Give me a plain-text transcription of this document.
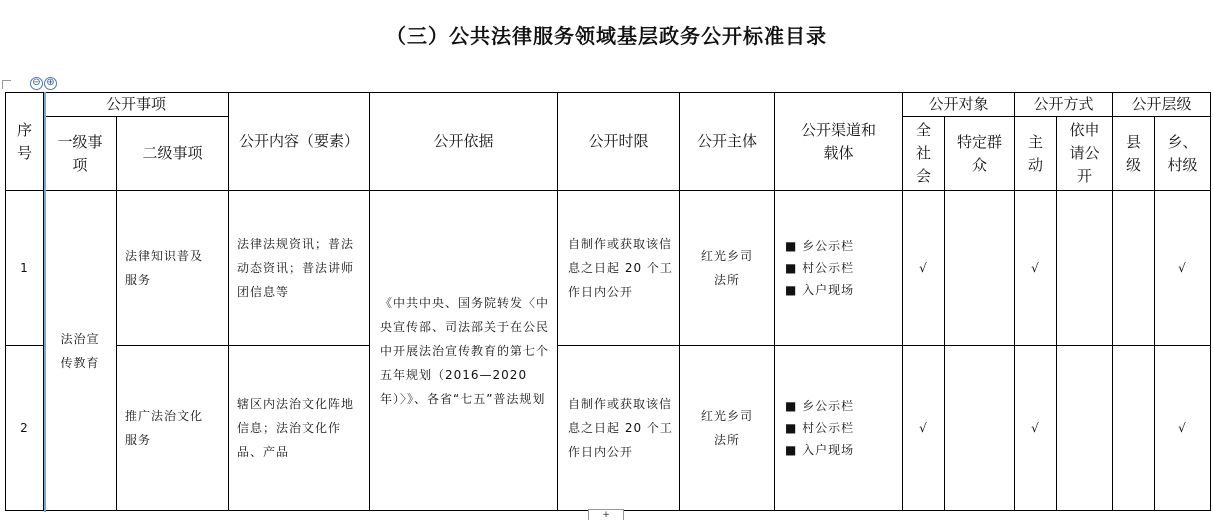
（三）公共法律服务领域基层政务公开标准目录
⊖ ⊕
序号	公开事项		公开内容（要素）	公开依据	公开时限	公开主体	公开渠道和载体	公开对象		公开方式		公开层级	
	一级事项	二级事项						全社会	特定群众	主动	依申请公开	县级	乡、村级
1	法治宣传教育	法律知识普及服务	法律法规资讯；普法动态资讯；普法讲师团信息等	《中共中央、国务院转发〈中央宣传部、司法部关于在公民中开展法治宣传教育的第七个五年规划（2016—2020年）〉》、各省“七五”普法规划	自制作或获取该信息之日起 20 个工作日内公开	红光乡司法所	■ 乡公示栏
■ 村公示栏
■ 入户现场	√		√			√
2		推广法治文化服务	辖区内法治文化阵地信息；法治文化作品、产品		自制作或获取该信息之日起 20 个工作日内公开	红光乡司法所	■ 乡公示栏
■ 村公示栏
■ 入户现场	√		√			√
+
